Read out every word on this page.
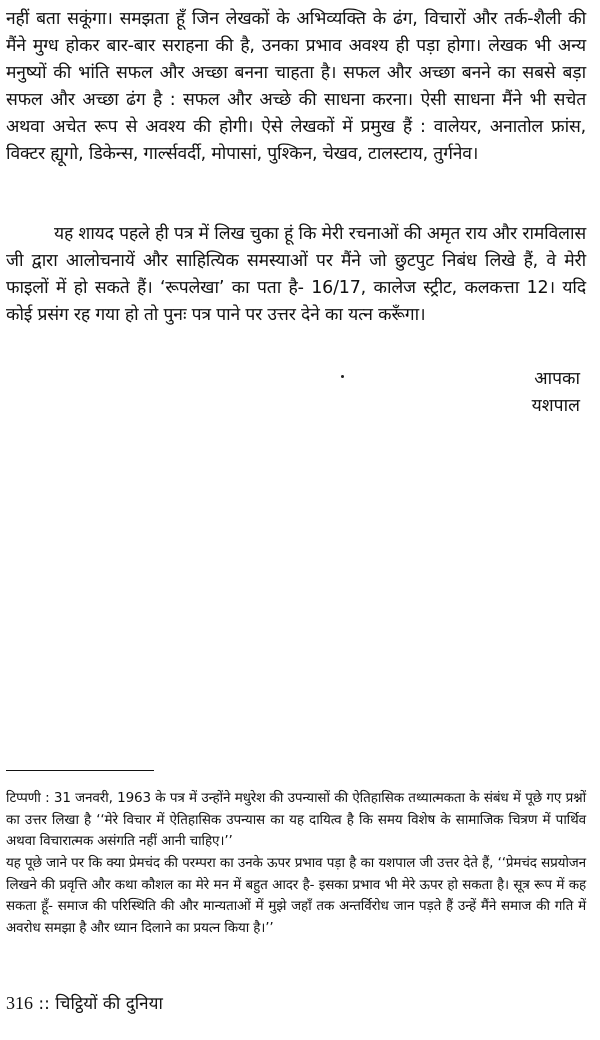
नहीं बता सकूंगा। समझता हूँ जिन लेखकों के अभिव्यक्ति के ढंग, विचारों और तर्क-शैली की मैंने मुग्ध होकर बार-बार सराहना की है, उनका प्रभाव अवश्य ही पड़ा होगा। लेखक भी अन्य मनुष्यों की भांति सफल और अच्छा बनना चाहता है। सफल और अच्छा बनने का सबसे बड़ा सफल और अच्छा ढंग है : सफल और अच्छे की साधना करना। ऐसी साधना मैंने भी सचेत अथवा अचेत रूप से अवश्य की होगी। ऐसे लेखकों में प्रमुख हैं : वालेयर, अनातोल फ्रांस, विक्टर ह्यूगो, डिकेन्स, गार्ल्सवर्दी, मोपासां, पुश्किन, चेखव, टालस्टाय, तुर्गनेव।

यह शायद पहले ही पत्र में लिख चुका हूं कि मेरी रचनाओं की अमृत राय और रामविलास जी द्वारा आलोचनायें और साहित्यिक समस्याओं पर मैंने जो छुटपुट निबंध लिखे हैं, वे मेरी फाइलों में हो सकते हैं। ‘रूपलेखा’ का पता है- 16/17, कालेज स्ट्रीट, कलकत्ता 12। यदि कोई प्रसंग रह गया हो तो पुनः पत्र पाने पर उत्तर देने का यत्न करूँगा।

आपका
यशपाल

टिप्पणी : 31 जनवरी, 1963 के पत्र में उन्होंने मधुरेश की उपन्यासों की ऐतिहासिक तथ्यात्मकता के संबंध में पूछे गए प्रश्नों का उत्तर लिखा है ‘‘मेरे विचार में ऐतिहासिक उपन्यास का यह दायित्व है कि समय विशेष के सामाजिक चित्रण में पार्थिव अथवा विचारात्मक असंगति नहीं आनी चाहिए।’’

यह पूछे जाने पर कि क्या प्रेमचंद की परम्परा का उनके ऊपर प्रभाव पड़ा है का यशपाल जी उत्तर देते हैं, ‘‘प्रेमचंद सप्रयोजन लिखने की प्रवृत्ति और कथा कौशल का मेरे मन में बहुत आदर है- इसका प्रभाव भी मेरे ऊपर हो सकता है। सूत्र रूप में कह सकता हूँ- समाज की परिस्थिति की और मान्यताओं में मुझे जहाँ तक अन्तर्विरोध जान पड़ते हैं उन्हें मैंने समाज की गति में अवरोध समझा है और ध्यान दिलाने का प्रयत्न किया है।’’

316 :: चिट्ठियों की दुनिया
